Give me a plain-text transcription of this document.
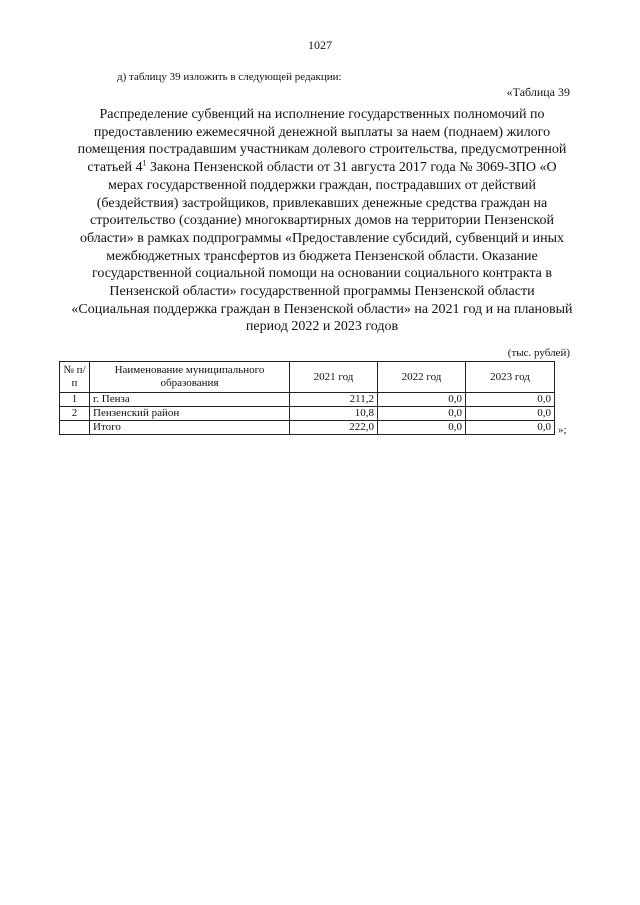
1027
д) таблицу 39 изложить в следующей редакции:
«Таблица 39
Распределение субвенций на исполнение государственных полномочий по предоставлению ежемесячной денежной выплаты за наем (поднаем) жилого помещения пострадавшим участникам долевого строительства, предусмотренной статьей $4^1$ Закона Пензенской области от 31 августа 2017 года № 3069-ЗПО «О мерах государственной поддержки граждан, пострадавших от действий (бездействия) застройщиков, привлекавших денежные средства граждан на строительство (создание) многоквартирных домов на территории Пензенской области» в рамках подпрограммы «Предоставление субсидий, субвенций и иных межбюджетных трансфертов из бюджета Пензенской области. Оказание государственной социальной помощи на основании социального контракта в Пензенской области» государственной программы Пензенской области «Социальная поддержка граждан в Пензенской области» на 2021 год и на плановый период 2022 и 2023 годов
(тыс. рублей)
№ п/п	Наименование муниципального образования	2021 год	2022 год	2023 год
1	г. Пенза	211,2	0,0	0,0
2	Пензенский район	10,8	0,0	0,0
	Итого	222,0	0,0	0,0 »;
